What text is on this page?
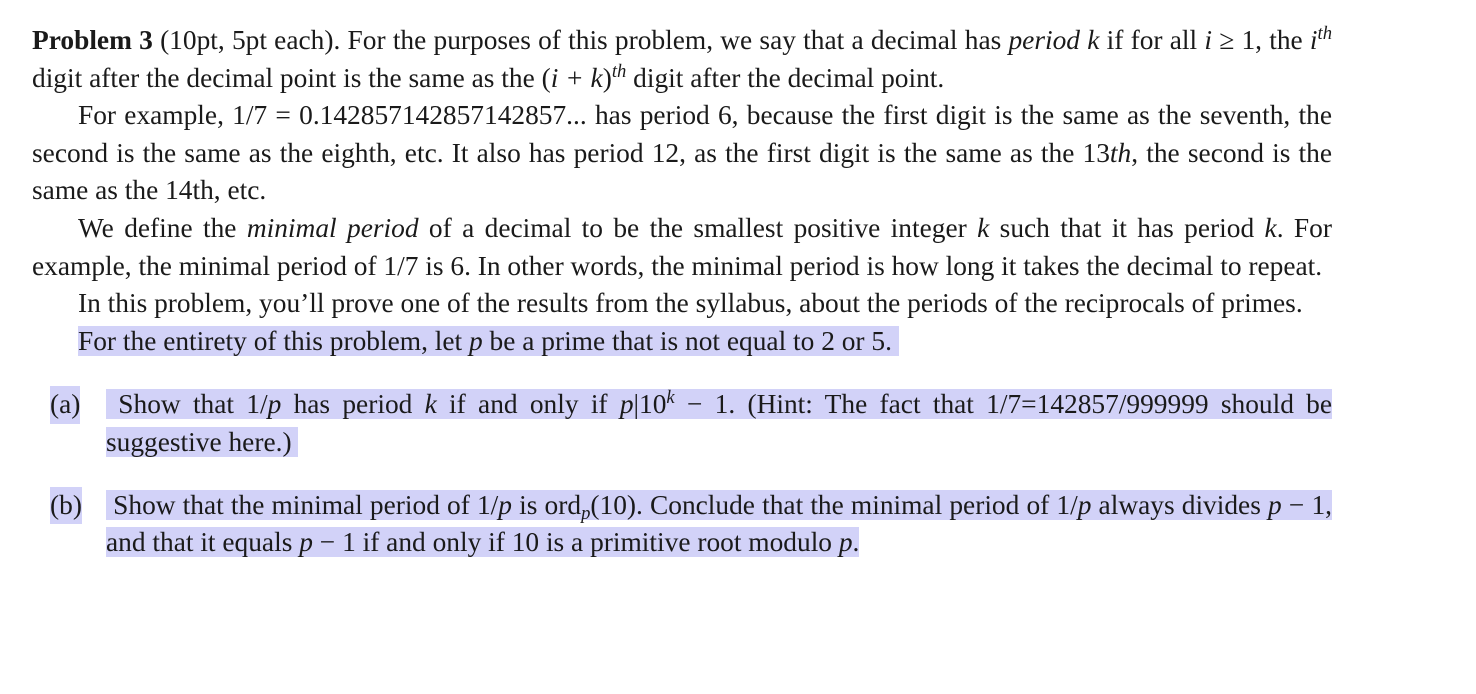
Problem 3 (10pt, 5pt each). For the purposes of this problem, we say that a decimal has period k if for all i ≥ 1, the $i^{th}$ digit after the decimal point is the same as the $(i + k)^{th}$ digit after the decimal point.

For example, 1/7 = 0.142857142857142857... has period 6, because the first digit is the same as the seventh, the second is the same as the eighth, etc. It also has period 12, as the first digit is the same as the 13th, the second is the same as the 14th, etc.

We define the minimal period of a decimal to be the smallest positive integer k such that it has period k. For example, the minimal period of 1/7 is 6. In other words, the minimal period is how long it takes the decimal to repeat.

In this problem, you’ll prove one of the results from the syllabus, about the periods of the reciprocals of primes.

For the entirety of this problem, let p be a prime that is not equal to 2 or 5.

(a) Show that 1/p has period k if and only if $p|10^k - 1$. (Hint: The fact that 1/7=142857/999999 should be suggestive here.)
(b) Show that the minimal period of 1/p is ord$_p$(10). Conclude that the minimal period of 1/p always divides p − 1, and that it equals p − 1 if and only if 10 is a primitive root modulo p.
